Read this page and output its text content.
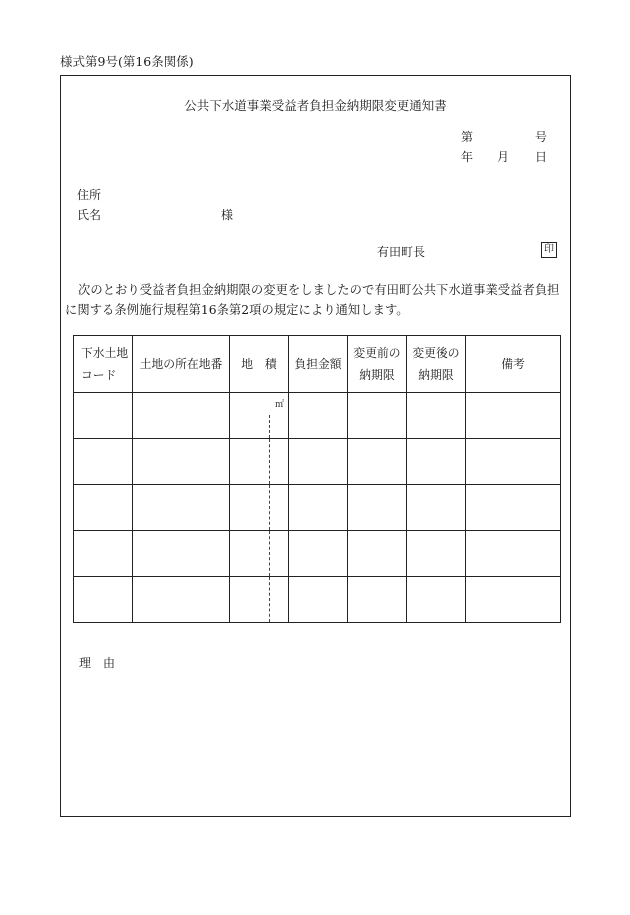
様式第9号(第16条関係)
公共下水道事業受益者負担金納期限変更通知書
第	号
年 月 日
住所
氏名	様
有田町長	印
次のとおり受益者負担金納期限の変更をしましたので有田町公共下水道事業受益者負担に関する条例施行規程第16条第2項の規定により通知します。
下水土地コード	土地の所在地番	地　積	負担金額	変更前の納期限	変更後の納期限	備考

		㎡				

理　由
